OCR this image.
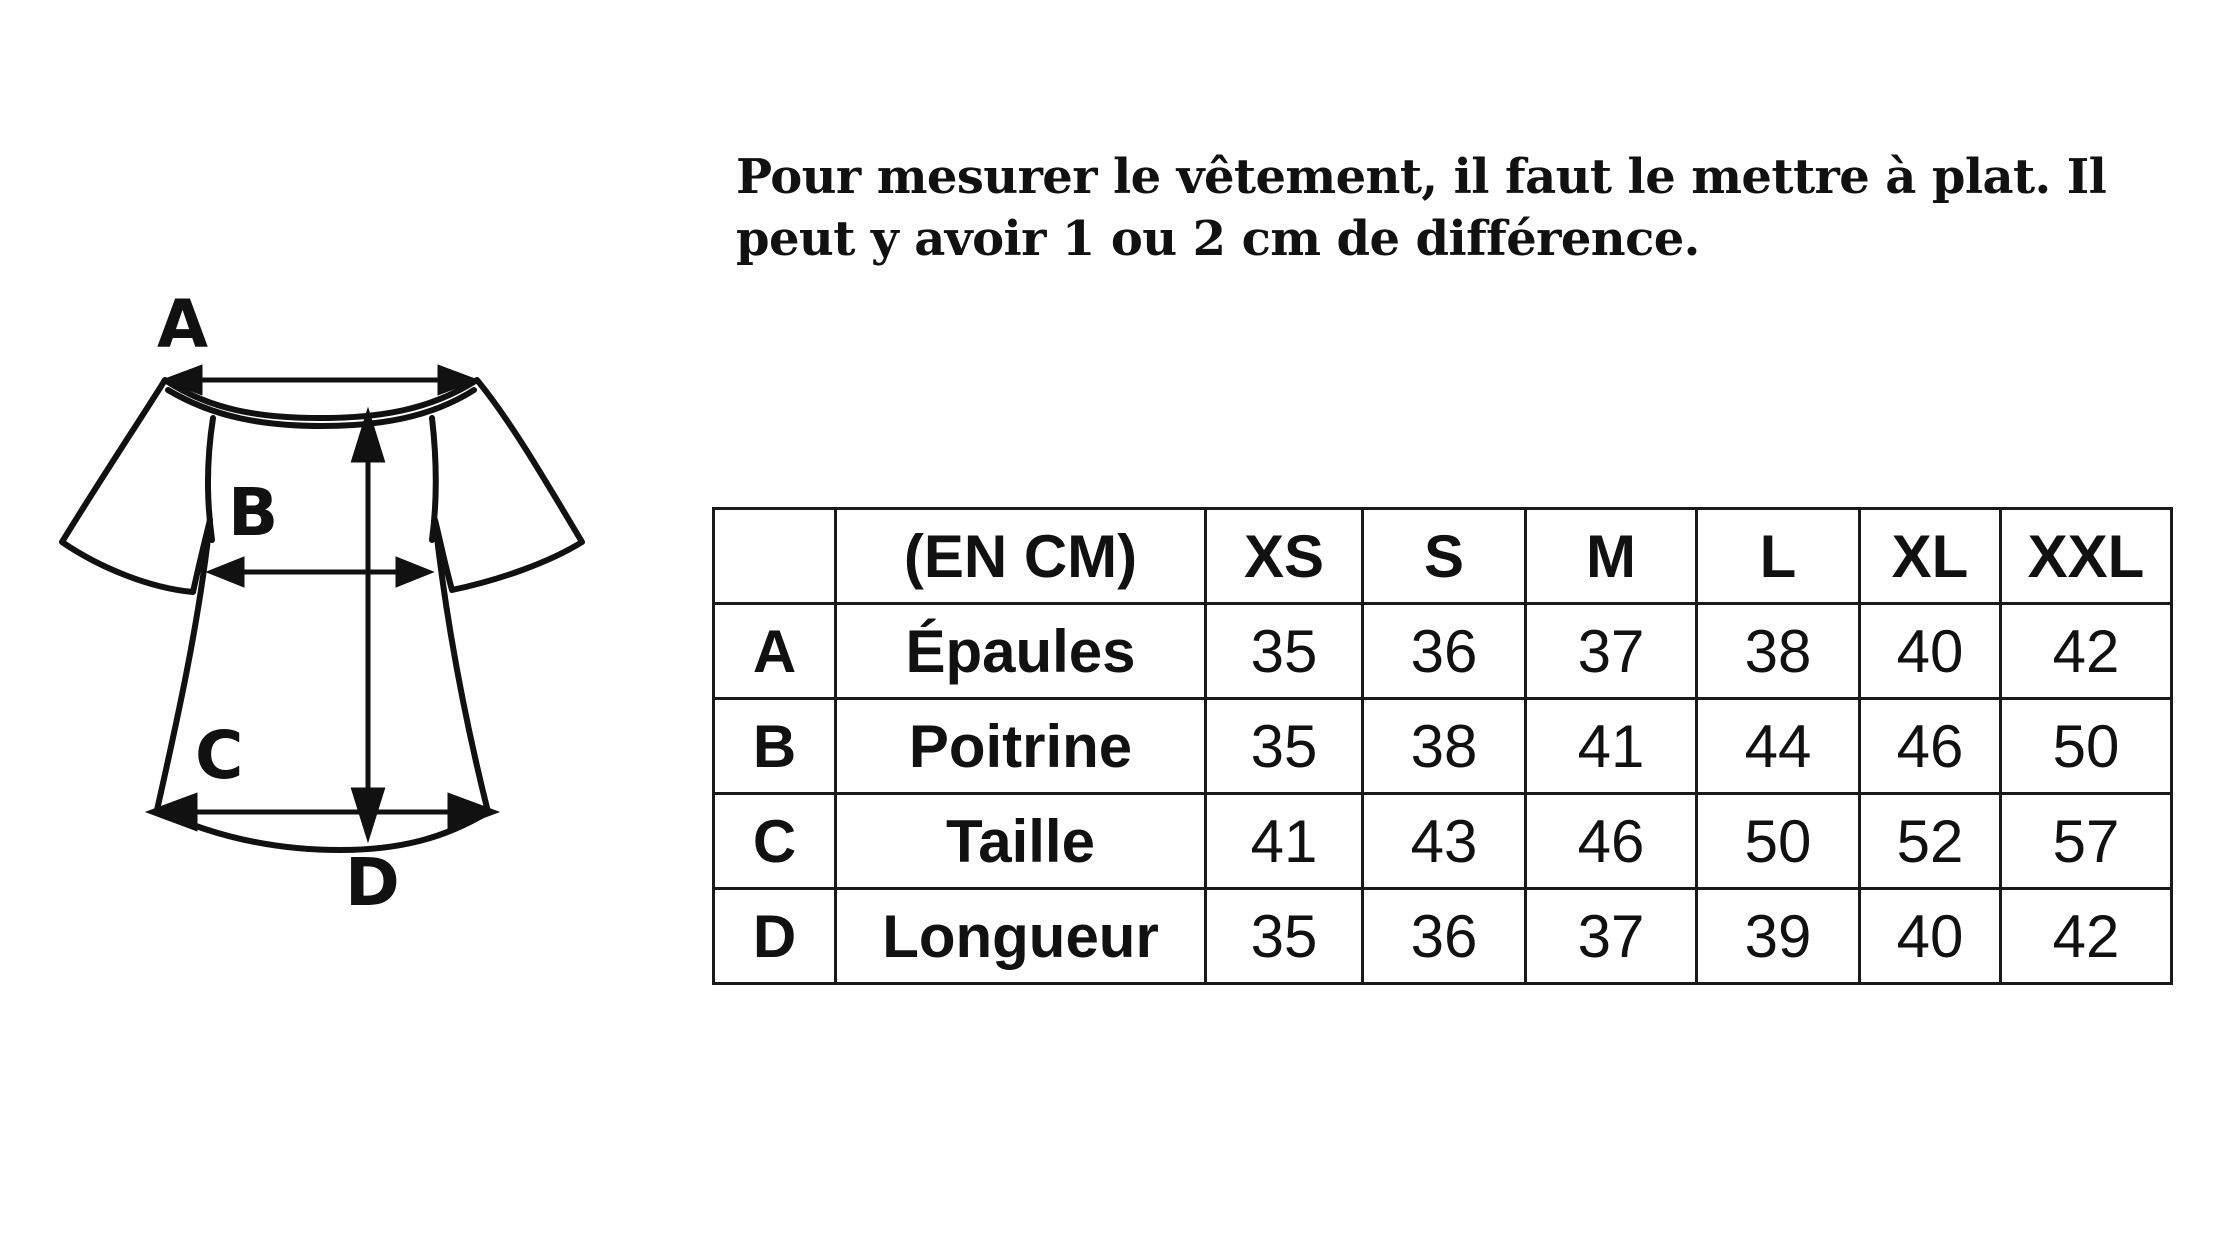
Pour mesurer le vêtement, il faut le mettre à plat. Il peut y avoir 1 ou 2 cm de différence.

A
B
C
D
	(EN CM)	XS	S	M	L	XL	XXL
A	Épaules	35	36	37	38	40	42
B	Poitrine	35	38	41	44	46	50
C	Taille	41	43	46	50	52	57
D	Longueur	35	36	37	39	40	42
